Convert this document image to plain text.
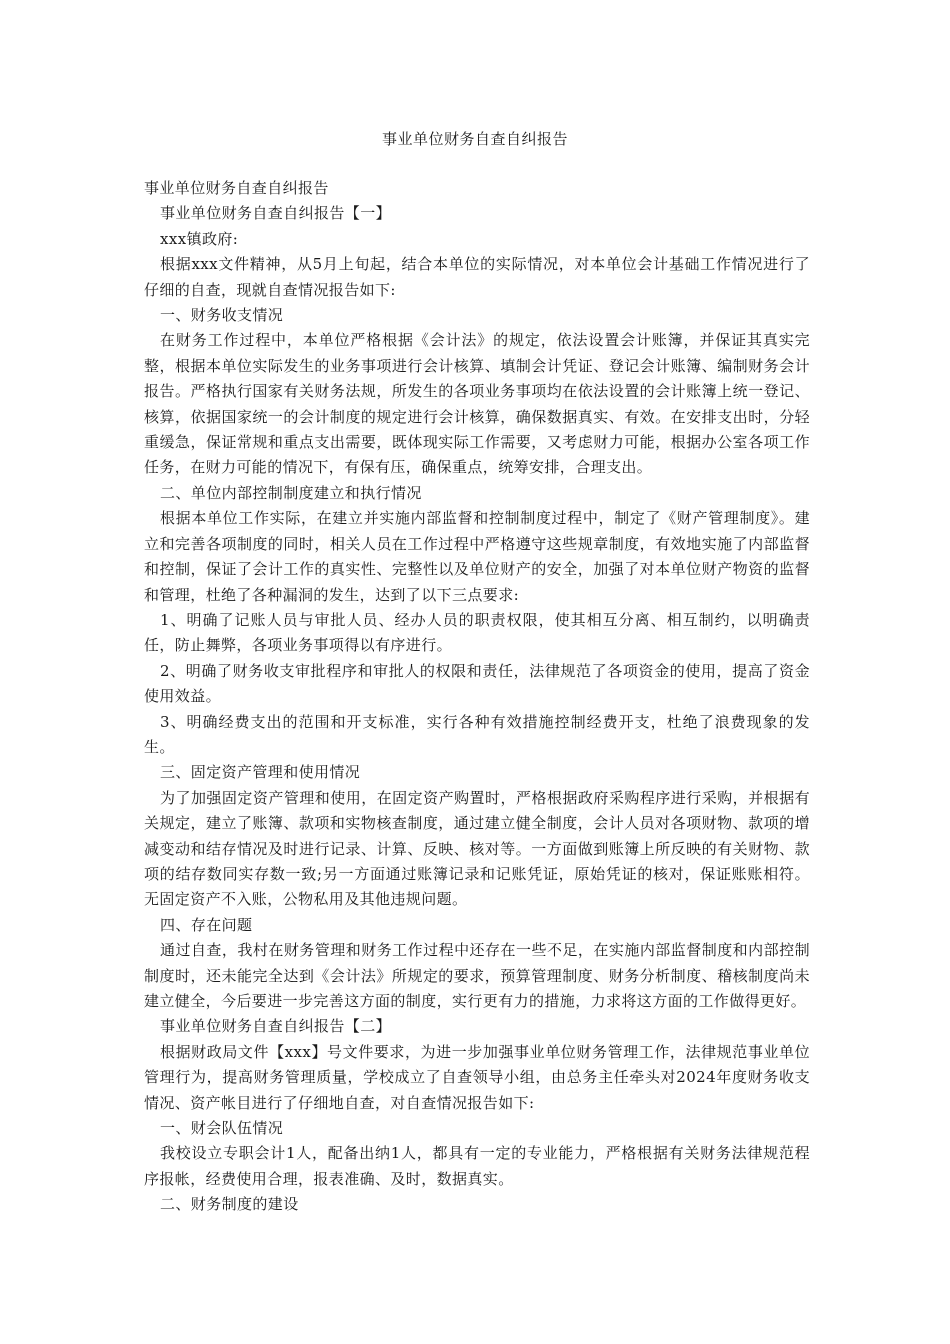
事业单位财务自查自纠报告

事业单位财务自查自纠报告

事业单位财务自查自纠报告【一】

xxx镇政府:

根据xxx文件精神，从5月上旬起，结合本单位的实际情况，对本单位会计基础工作情况进行了仔细的自查，现就自查情况报告如下:

一、财务收支情况

在财务工作过程中，本单位严格根据《会计法》的规定，依法设置会计账簿，并保证其真实完整，根据本单位实际发生的业务事项进行会计核算、填制会计凭证、登记会计账簿、编制财务会计报告。严格执行国家有关财务法规，所发生的各项业务事项均在依法设置的会计账簿上统一登记、核算，依据国家统一的会计制度的规定进行会计核算，确保数据真实、有效。在安排支出时，分轻重缓急，保证常规和重点支出需要，既体现实际工作需要，又考虑财力可能，根据办公室各项工作任务，在财力可能的情况下，有保有压，确保重点，统筹安排，合理支出。

二、单位内部控制制度建立和执行情况

根据本单位工作实际，在建立并实施内部监督和控制制度过程中，制定了《财产管理制度》。建立和完善各项制度的同时，相关人员在工作过程中严格遵守这些规章制度，有效地实施了内部监督和控制，保证了会计工作的真实性、完整性以及单位财产的安全，加强了对本单位财产物资的监督和管理，杜绝了各种漏洞的发生，达到了以下三点要求:

1、明确了记账人员与审批人员、经办人员的职责权限，使其相互分离、相互制约，以明确责任，防止舞弊，各项业务事项得以有序进行。

2、明确了财务收支审批程序和审批人的权限和责任，法律规范了各项资金的使用，提高了资金使用效益。

3、明确经费支出的范围和开支标准，实行各种有效措施控制经费开支，杜绝了浪费现象的发生。

三、固定资产管理和使用情况

为了加强固定资产管理和使用，在固定资产购置时，严格根据政府采购程序进行采购，并根据有关规定，建立了账簿、款项和实物核查制度，通过建立健全制度，会计人员对各项财物、款项的增减变动和结存情况及时进行记录、计算、反映、核对等。一方面做到账簿上所反映的有关财物、款项的结存数同实存数一致;另一方面通过账簿记录和记账凭证，原始凭证的核对，保证账账相符。无固定资产不入账，公物私用及其他违规问题。

四、存在问题

通过自查，我村在财务管理和财务工作过程中还存在一些不足，在实施内部监督制度和内部控制制度时，还未能完全达到《会计法》所规定的要求，预算管理制度、财务分析制度、稽核制度尚未建立健全，今后要进一步完善这方面的制度，实行更有力的措施，力求将这方面的工作做得更好。

事业单位财务自查自纠报告【二】

根据财政局文件【xxx】号文件要求，为进一步加强事业单位财务管理工作，法律规范事业单位管理行为，提高财务管理质量，学校成立了自查领导小组，由总务主任牵头对2024年度财务收支情况、资产帐目进行了仔细地自查，对自查情况报告如下:

一、财会队伍情况

我校设立专职会计1人，配备出纳1人，都具有一定的专业能力，严格根据有关财务法律规范程序报帐，经费使用合理，报表准确、及时，数据真实。

二、财务制度的建设
